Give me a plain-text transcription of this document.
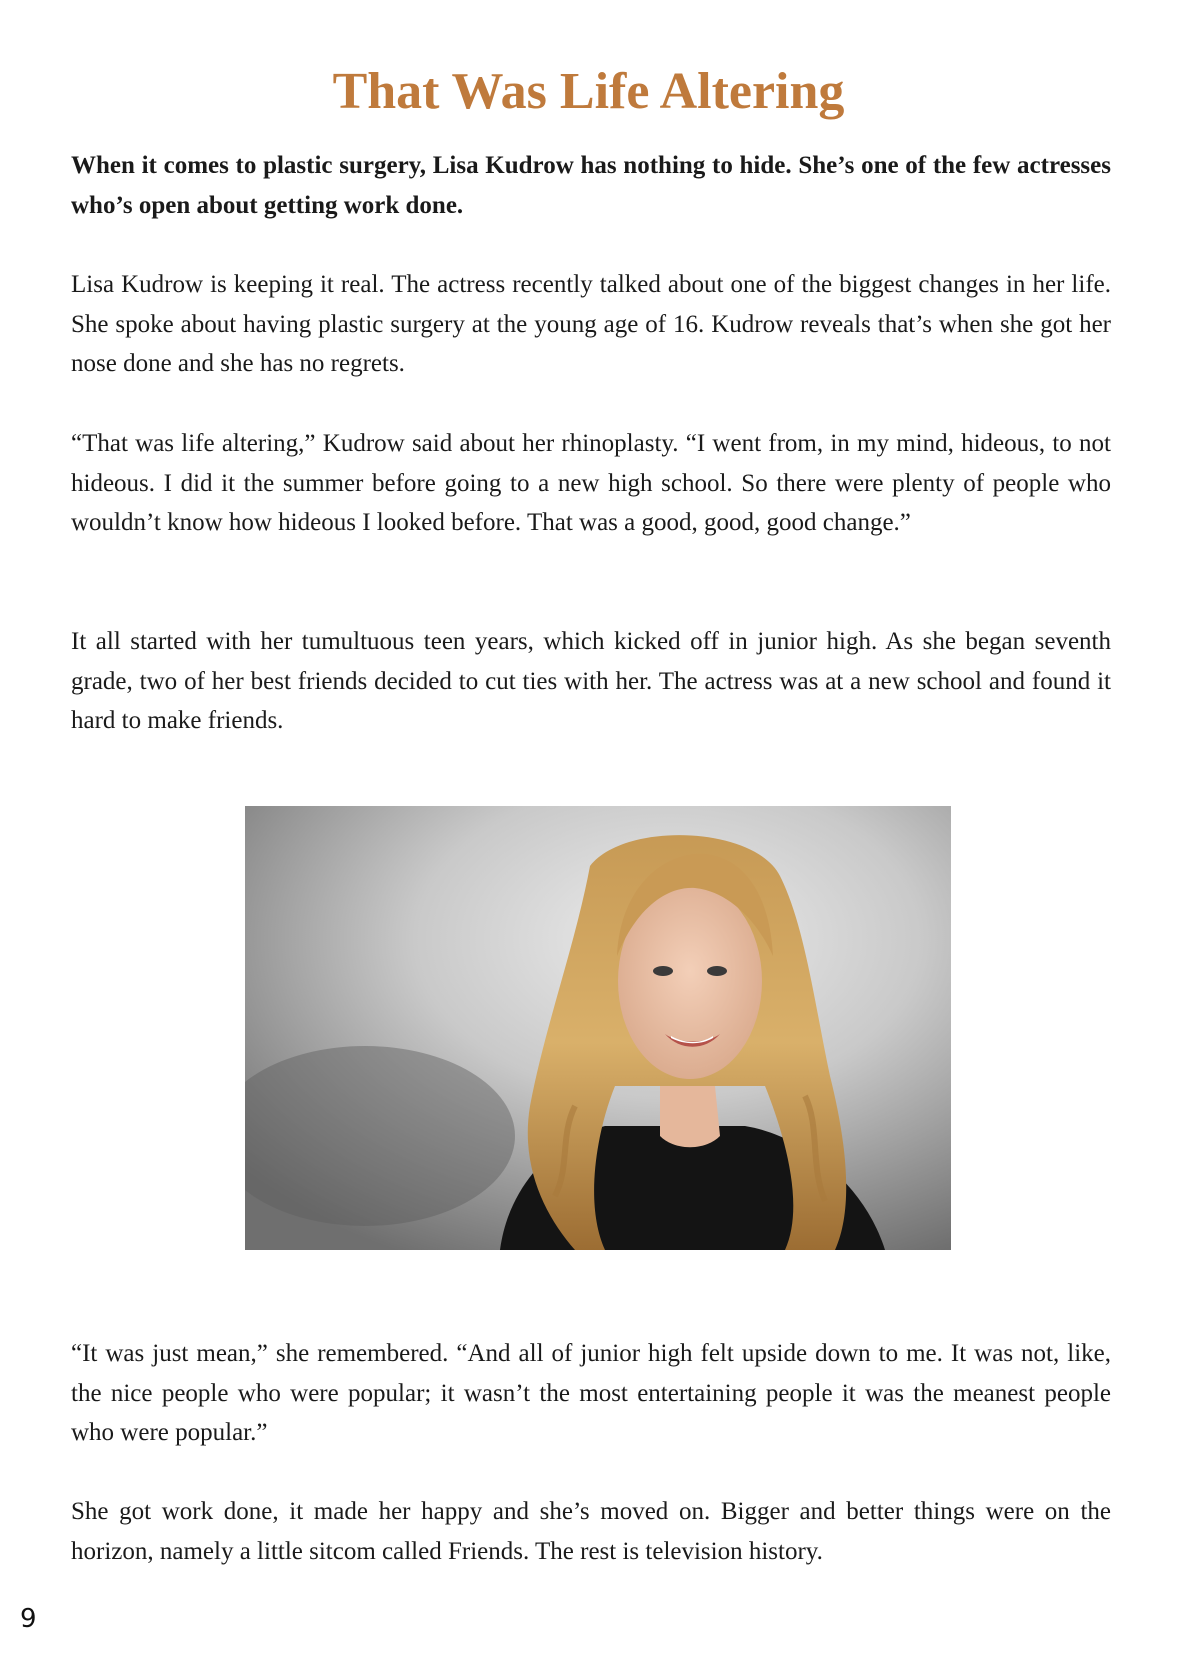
That Was Life Altering

When it comes to plastic surgery, Lisa Kudrow has nothing to hide. She’s one of the few actresses who’s open about getting work done.

Lisa Kudrow is keeping it real. The actress recently talked about one of the biggest changes in her life. She spoke about having plastic surgery at the young age of 16. Kudrow reveals that’s when she got her nose done and she has no regrets.

“That was life altering,” Kudrow said about her rhinoplasty. “I went from, in my mind, hideous, to not hideous. I did it the summer before going to a new high school. So there were plenty of people who wouldn’t know how hideous I looked before. That was a good, good, good change.”

It all started with her tumultuous teen years, which kicked off in junior high. As she began seventh grade, two of her best friends decided to cut ties with her. The actress was at a new school and found it hard to make friends.

“It was just mean,” she remembered. “And all of junior high felt upside down to me. It was not, like, the nice people who were popular; it wasn’t the most entertaining people it was the meanest people who were popular.”

She got work done, it made her happy and she’s moved on. Bigger and better things were on the horizon, namely a little sitcom called Friends. The rest is television history.

9
